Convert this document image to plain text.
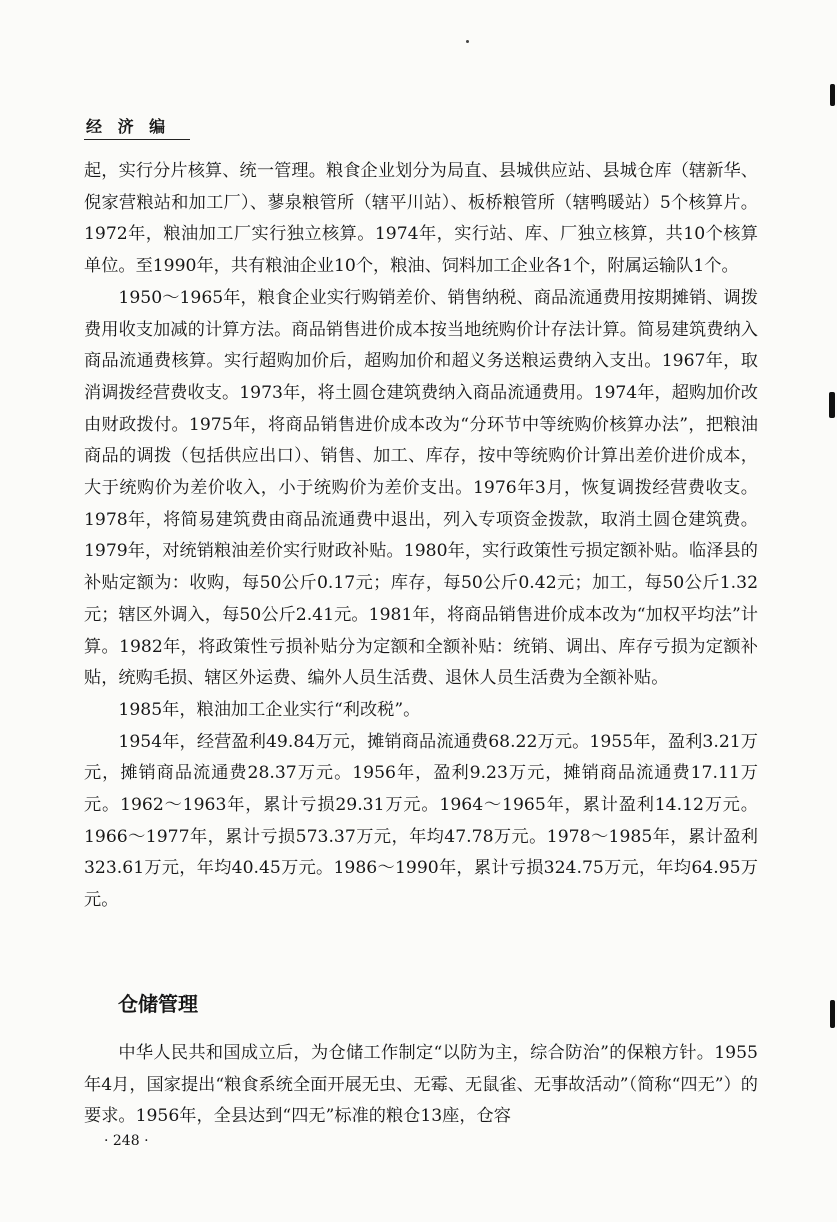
经 济 编

起，实行分片核算、统一管理。粮食企业划分为局直、县城供应站、县城仓库（辖新华、倪家营粮站和加工厂）、蓼泉粮管所（辖平川站）、板桥粮管所（辖鸭暖站）5个核算片。1972年，粮油加工厂实行独立核算。1974年，实行站、库、厂独立核算，共10个核算单位。至1990年，共有粮油企业10个，粮油、饲料加工企业各1个，附属运输队1个。

1950～1965年，粮食企业实行购销差价、销售纳税、商品流通费用按期摊销、调拨费用收支加减的计算方法。商品销售进价成本按当地统购价计存法计算。简易建筑费纳入商品流通费核算。实行超购加价后，超购加价和超义务送粮运费纳入支出。1967年，取消调拨经营费收支。1973年，将土圆仓建筑费纳入商品流通费用。1974年，超购加价改由财政拨付。1975年，将商品销售进价成本改为“分环节中等统购价核算办法”，把粮油商品的调拨（包括供应出口）、销售、加工、库存，按中等统购价计算出差价进价成本，大于统购价为差价收入，小于统购价为差价支出。1976年3月，恢复调拨经营费收支。1978年，将简易建筑费由商品流通费中退出，列入专项资金拨款，取消土圆仓建筑费。1979年，对统销粮油差价实行财政补贴。1980年，实行政策性亏损定额补贴。临泽县的补贴定额为：收购，每50公斤0.17元；库存，每50公斤0.42元；加工，每50公斤1.32元；辖区外调入，每50公斤2.41元。1981年，将商品销售进价成本改为“加权平均法”计算。1982年，将政策性亏损补贴分为定额和全额补贴：统销、调出、库存亏损为定额补贴，统购毛损、辖区外运费、编外人员生活费、退休人员生活费为全额补贴。

1985年，粮油加工企业实行“利改税”。

1954年，经营盈利49.84万元，摊销商品流通费68.22万元。1955年，盈利3.21万元，摊销商品流通费28.37万元。1956年，盈利9.23万元，摊销商品流通费17.11万元。1962～1963年，累计亏损29.31万元。1964～1965年，累计盈利14.12万元。1966～1977年，累计亏损573.37万元，年均47.78万元。1978～1985年，累计盈利323.61万元，年均40.45万元。1986～1990年，累计亏损324.75万元，年均64.95万元。

仓储管理

中华人民共和国成立后，为仓储工作制定“以防为主，综合防治”的保粮方针。1955年4月，国家提出“粮食系统全面开展无虫、无霉、无鼠雀、无事故活动”（简称“四无”）的要求。1956年，全县达到“四无”标准的粮仓13座，仓容

· 248 ·
